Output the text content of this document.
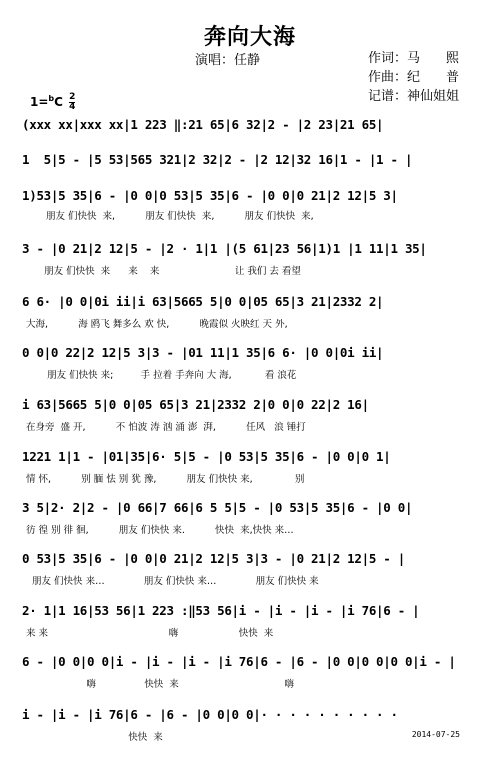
奔向大海
演唱：任静	作词：马　　熙
作曲：纪　　普
记谱：神仙姐姐
$1=^bC \frac{2}{4}$
(xxx xx|xxx xx|1 223 ‖:21 65|6 32|2 - |2 23|21 65|
1  5|5 - |5 53|565 321|2 32|2 - |2 12|32 16|1 - |1 - |
1)53|5 35|6 - |0 0|0 53|5 35|6 - |0 0|0 21|2 12|5 3|
朋友 们快快  来,          朋友 们快快  来,          朋友 们快快  来,
3 - |0 21|2 12|5 - |2 · 1|1 |(5 61|23 56|1)1 |1 11|1 35|
朋友 们快快  来      来    来                         让 我们 去 看望
6 6· |0 0|0i ii|i 63|5665 5|0 0|05 65|3 21|2332 2|
大海,          海 鸥飞 舞多么 欢 快,          晚霞似 火映红 天 外,
0 0|0 22|2 12|5 3|3 - |01 11|1 35|6 6· |0 0|0i ii|
朋友 们快快 来;         手 拉着 手奔向 大 海,           看 浪花
i 63|5665 5|0 0|05 65|3 21|2332 2|0 0|0 22|2 16|
在身旁  盛 开,          不 怕波 涛 汹 涌 澎  湃,          任风   浪 锤打
1221 1|1 - |01|35|6· 5|5 - |0 53|5 35|6 - |0 0|0 1|
情 怀,          别 腼 怯 别 犹 豫,          朋友 们快快 来,              别
3 5|2· 2|2 - |0 66|7 66|6 5 5|5 - |0 53|5 35|6 - |0 0|
彷 徨 别 徘 徊,          朋友 们快快 来.          快快  来,快快 来…
0 53|5 35|6 - |0 0|0 21|2 12|5 3|3 - |0 21|2 12|5 - |
朋友 们快快 来…             朋友 们快快 来…             朋友 们快快 来
2· 1|1 16|53 56|1 223 :‖53 56|i - |i - |i - |i 76|6 - |
来 来                                        嗨                    快快  来
6 - |0 0|0 0|i - |i - |i - |i 76|6 - |6 - |0 0|0 0|0 0|i - |
嗨                快快  来                                   嗨
i - |i - |i 76|6 - |6 - |0 0|0 0|· · · · · · · · · ·
快快  来	2014-07-25
